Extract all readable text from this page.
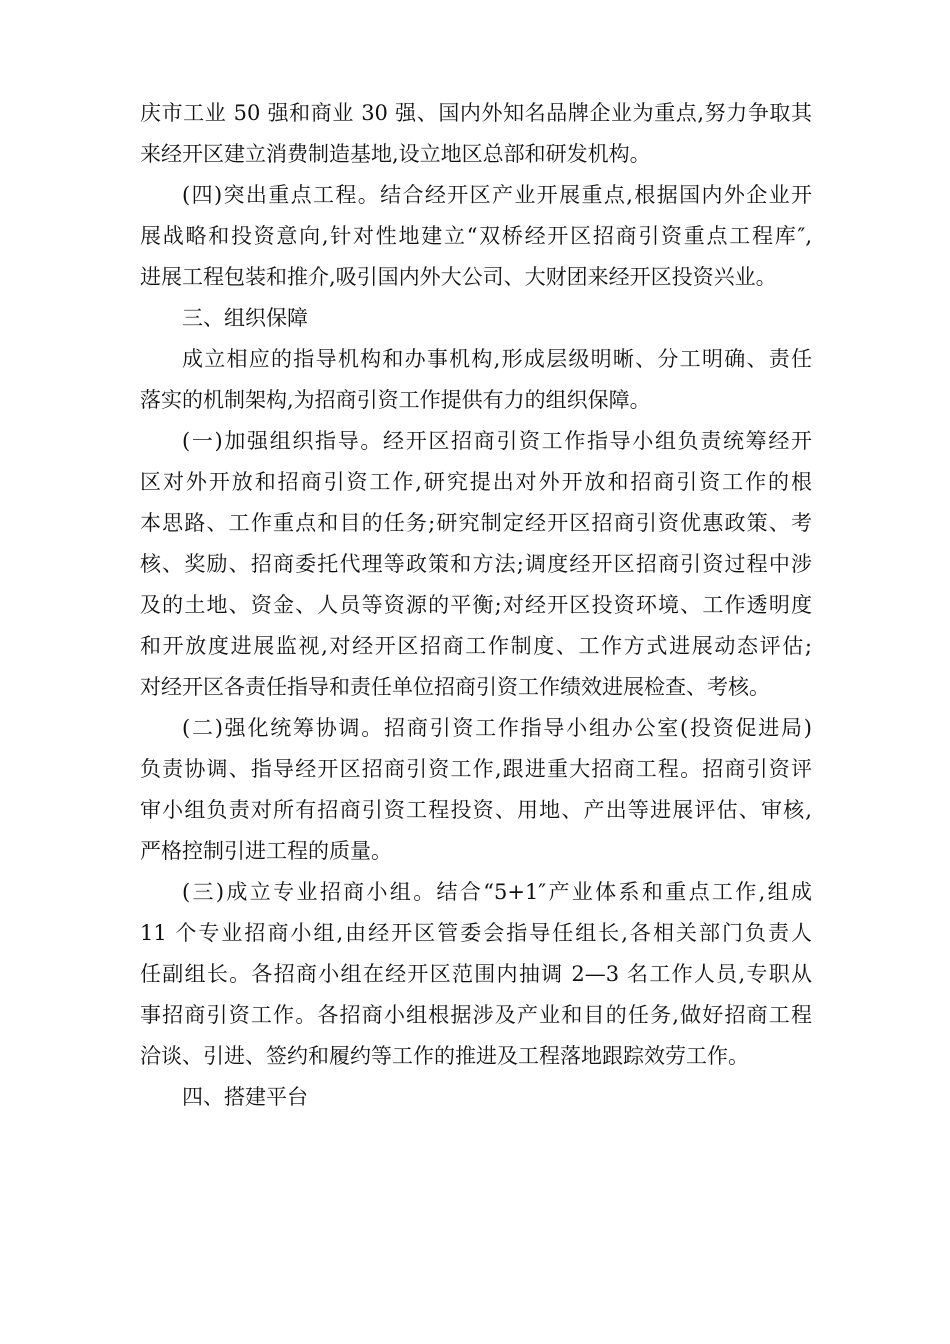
庆市工业 50 强和商业 30 强、国内外知名品牌企业为重点,努力争取其
来经开区建立消费制造基地,设立地区总部和研发机构。

(四)突出重点工程。结合经开区产业开展重点,根据国内外企业开
展战略和投资意向,针对性地建立“双桥经开区招商引资重点工程库″,
进展工程包装和推介,吸引国内外大公司、大财团来经开区投资兴业。

三、组织保障

成立相应的指导机构和办事机构,形成层级明晰、分工明确、责任
落实的机制架构,为招商引资工作提供有力的组织保障。

(一)加强组织指导。经开区招商引资工作指导小组负责统筹经开
区对外开放和招商引资工作,研究提出对外开放和招商引资工作的根
本思路、工作重点和目的任务;研究制定经开区招商引资优惠政策、考
核、奖励、招商委托代理等政策和方法;调度经开区招商引资过程中涉
及的土地、资金、人员等资源的平衡;对经开区投资环境、工作透明度
和开放度进展监视,对经开区招商工作制度、工作方式进展动态评估;
对经开区各责任指导和责任单位招商引资工作绩效进展检查、考核。

(二)强化统筹协调。招商引资工作指导小组办公室(投资促进局)
负责协调、指导经开区招商引资工作,跟进重大招商工程。招商引资评
审小组负责对所有招商引资工程投资、用地、产出等进展评估、审核,
严格控制引进工程的质量。

(三)成立专业招商小组。结合“5+1″产业体系和重点工作,组成
11 个专业招商小组,由经开区管委会指导任组长,各相关部门负责人
任副组长。各招商小组在经开区范围内抽调 2—3 名工作人员,专职从
事招商引资工作。各招商小组根据涉及产业和目的任务,做好招商工程
洽谈、引进、签约和履约等工作的推进及工程落地跟踪效劳工作。

四、搭建平台
